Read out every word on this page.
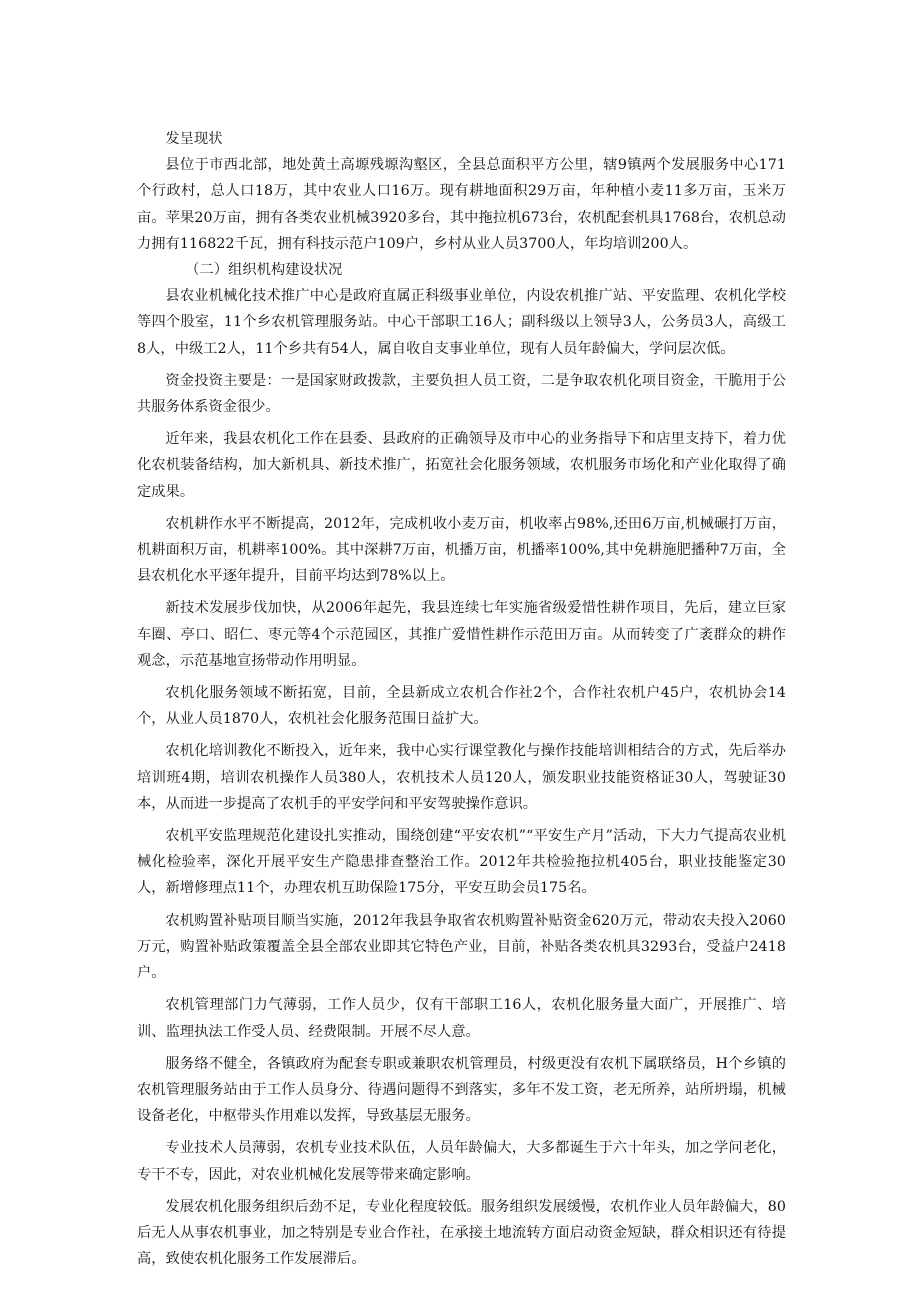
发呈现状

县位于市西北部，地处黄土高塬残塬沟壑区，全县总面积平方公里，辖9镇两个发展服务中心171个行政村，总人口18万，其中农业人口16万。现有耕地面积29万亩，年种植小麦11多万亩，玉米万亩。苹果20万亩，拥有各类农业机械3920多台，其中拖拉机673台，农机配套机具1768台，农机总动力拥有116822千瓦，拥有科技示范户109户，乡村从业人员3700人，年均培训200人。

（二）组织机构建设状况

县农业机械化技术推广中心是政府直属正科级事业单位，内设农机推广站、平安监理、农机化学校等四个股室，11个乡农机管理服务站。中心干部职工16人；副科级以上领导3人，公务员3人，高级工8人，中级工2人，11个乡共有54人，属自收自支事业单位，现有人员年龄偏大，学问层次低。

资金投资主要是：一是国家财政拨款，主要负担人员工资，二是争取农机化项目资金，干脆用于公共服务体系资金很少。

近年来，我县农机化工作在县委、县政府的正确领导及市中心的业务指导下和店里支持下，着力优化农机装备结构，加大新机具、新技术推广，拓宽社会化服务领域，农机服务市场化和产业化取得了确定成果。

农机耕作水平不断提高，2012年，完成机收小麦万亩，机收率占98%,还田6万亩,机械碾打万亩，机耕面积万亩，机耕率100%。其中深耕7万亩，机播万亩，机播率100%,其中免耕施肥播种7万亩，全县农机化水平逐年提升，目前平均达到78%以上。

新技术发展步伐加快，从2006年起先，我县连续七年实施省级爱惜性耕作项目，先后，建立巨家车圈、亭口、昭仁、枣元等4个示范园区，其推广爱惜性耕作示范田万亩。从而转变了广袤群众的耕作观念，示范基地宣扬带动作用明显。

农机化服务领域不断拓宽，目前，全县新成立农机合作社2个，合作社农机户45户，农机协会14个，从业人员1870人，农机社会化服务范围日益扩大。

农机化培训教化不断投入，近年来，我中心实行课堂教化与操作技能培训相结合的方式，先后举办培训班4期，培训农机操作人员380人，农机技术人员120人，颁发职业技能资格证30人，驾驶证30本，从而进一步提高了农机手的平安学问和平安驾驶操作意识。

农机平安监理规范化建设扎实推动，围绕创建“平安农机”“平安生产月”活动，下大力气提高农业机械化检验率，深化开展平安生产隐患排查整治工作。2012年共检验拖拉机405台，职业技能鉴定30人，新增修理点11个，办理农机互助保险175分，平安互助会员175名。

农机购置补贴项目顺当实施，2012年我县争取省农机购置补贴资金620万元，带动农夫投入2060万元，购置补贴政策覆盖全县全部农业即其它特色产业，目前，补贴各类农机具3293台，受益户2418户。

农机管理部门力气薄弱，工作人员少，仅有干部职工16人，农机化服务量大面广，开展推广、培训、监理执法工作受人员、经费限制。开展不尽人意。

服务络不健全，各镇政府为配套专职或兼职农机管理员，村级更没有农机下属联络员，H个乡镇的农机管理服务站由于工作人员身分、待遇问题得不到落实，多年不发工资，老无所养，站所坍塌，机械设备老化，中枢带头作用难以发挥，导致基层无服务。

专业技术人员薄弱，农机专业技术队伍，人员年龄偏大，大多都诞生于六十年头，加之学问老化，专干不专，因此，对农业机械化发展等带来确定影响。

发展农机化服务组织后劲不足，专业化程度较低。服务组织发展缓慢，农机作业人员年龄偏大，80后无人从事农机事业，加之特别是专业合作社，在承接土地流转方面启动资金短缺，群众相识还有待提高，致使农机化服务工作发展滞后。
